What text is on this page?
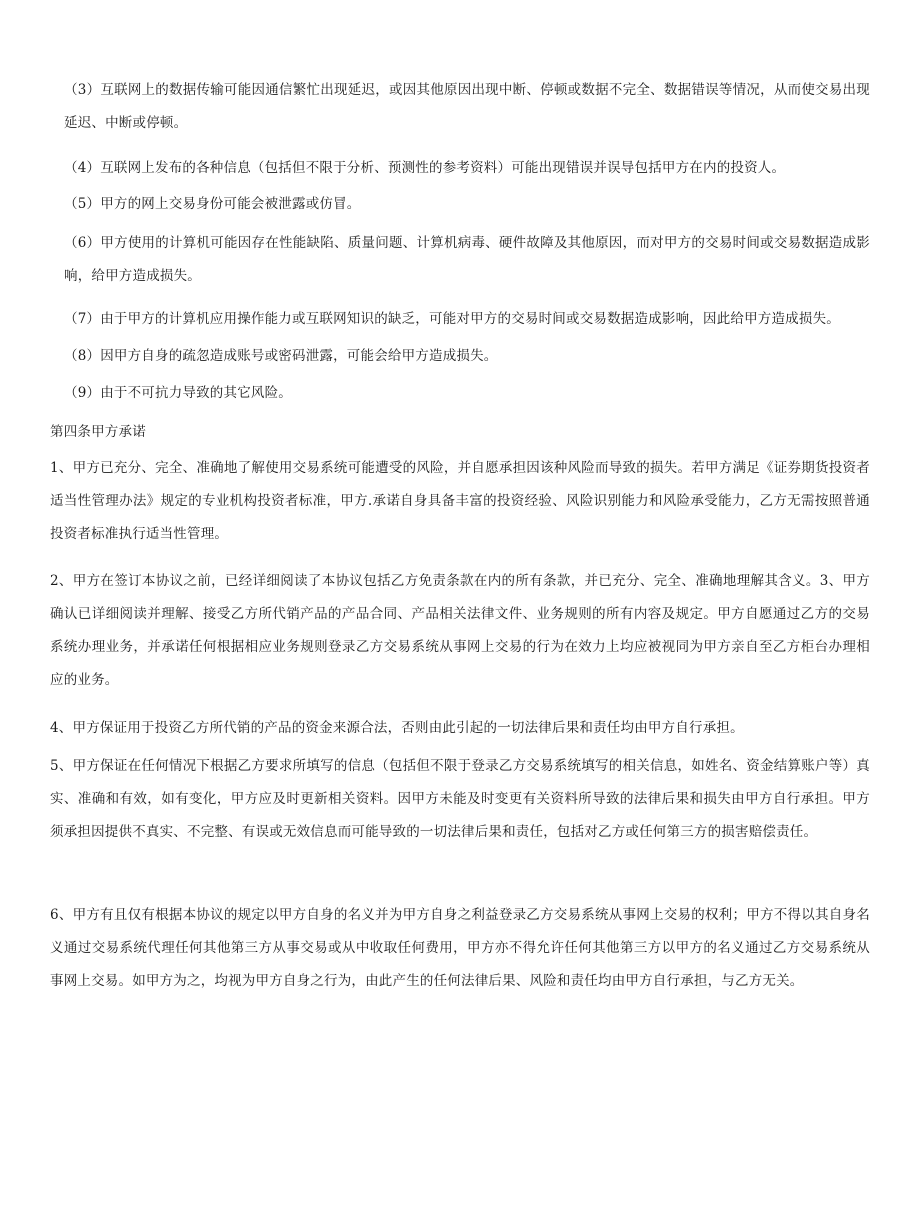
（3）互联网上的数据传输可能因通信繁忙出现延迟，或因其他原因出现中断、停顿或数据不完全、数据错误等情况，从而使交易出现延迟、中断或停顿。

（4）互联网上发布的各种信息（包括但不限于分析、预测性的参考资料）可能出现错误并误导包括甲方在内的投资人。

（5）甲方的网上交易身份可能会被泄露或仿冒。

（6）甲方使用的计算机可能因存在性能缺陷、质量问题、计算机病毒、硬件故障及其他原因，而对甲方的交易时间或交易数据造成影响，给甲方造成损失。

（7）由于甲方的计算机应用操作能力或互联网知识的缺乏，可能对甲方的交易时间或交易数据造成影响，因此给甲方造成损失。

（8）因甲方自身的疏忽造成账号或密码泄露，可能会给甲方造成损失。

（9）由于不可抗力导致的其它风险。

第四条甲方承诺

1、甲方已充分、完全、准确地了解使用交易系统可能遭受的风险，并自愿承担因该种风险而导致的损失。若甲方满足《证券期货投资者适当性管理办法》规定的专业机构投资者标准，甲方.承诺自身具备丰富的投资经验、风险识别能力和风险承受能力，乙方无需按照普通投资者标准执行适当性管理。

2、甲方在签订本协议之前，已经详细阅读了本协议包括乙方免责条款在内的所有条款，并已充分、完全、准确地理解其含义。3、甲方确认已详细阅读并理解、接受乙方所代销产品的产品合同、产品相关法律文件、业务规则的所有内容及规定。甲方自愿通过乙方的交易系统办理业务，并承诺任何根据相应业务规则登录乙方交易系统从事网上交易的行为在效力上均应被视同为甲方亲自至乙方柜台办理相应的业务。

4、甲方保证用于投资乙方所代销的产品的资金来源合法，否则由此引起的一切法律后果和责任均由甲方自行承担。

5、甲方保证在任何情况下根据乙方要求所填写的信息（包括但不限于登录乙方交易系统填写的相关信息，如姓名、资金结算账户等）真实、准确和有效，如有变化，甲方应及时更新相关资料。因甲方未能及时变更有关资料所导致的法律后果和损失由甲方自行承担。甲方须承担因提供不真实、不完整、有误或无效信息而可能导致的一切法律后果和责任，包括对乙方或任何第三方的损害赔偿责任。

6、甲方有且仅有根据本协议的规定以甲方自身的名义并为甲方自身之利益登录乙方交易系统从事网上交易的权利；甲方不得以其自身名义通过交易系统代理任何其他第三方从事交易或从中收取任何费用，甲方亦不得允许任何其他第三方以甲方的名义通过乙方交易系统从事网上交易。如甲方为之，均视为甲方自身之行为，由此产生的任何法律后果、风险和责任均由甲方自行承担，与乙方无关。
